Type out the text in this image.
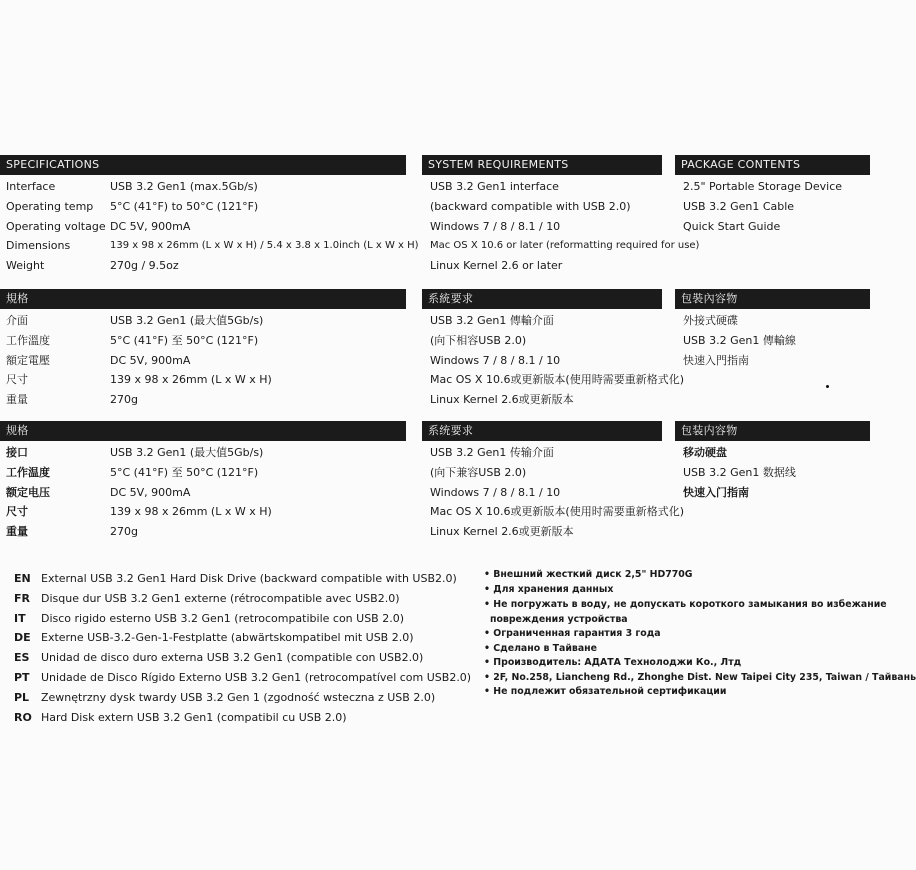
SPECIFICATIONS
Interface	USB 3.2 Gen1 (max.5Gb/s)
Operating temp 5°C (41°F) to 50°C (121°F)
Operating voltage DC 5V, 900mA
Dimensions	139 x 98 x 26mm (L x W x H) / 5.4 x 3.8 x 1.0inch (L x W x H)
Weight	270g / 9.5oz
SYSTEM REQUIREMENTS
USB 3.2 Gen1 interface
(backward compatible with USB 2.0)
Windows 7 / 8 / 8.1 / 10
Mac OS X 10.6 or later (reformatting required for use)
Linux Kernel 2.6 or later
PACKAGE CONTENTS
2.5" Portable Storage Device
USB 3.2 Gen1 Cable
Quick Start Guide
規格
介面	USB 3.2 Gen1 (最大值5Gb/s)
工作溫度	5°C (41°F) 至 50°C (121°F)
額定電壓	DC 5V, 900mA
尺寸	139 x 98 x 26mm (L x W x H)
重量	270g
系統要求
USB 3.2 Gen1 傳輸介面
(向下相容USB 2.0)
Windows 7 / 8 / 8.1 / 10
Mac OS X 10.6或更新版本(使用時需要重新格式化)
Linux Kernel 2.6或更新版本
包裝內容物
外接式硬碟
USB 3.2 Gen1 傳輸線
快速入門指南
规格
接口	USB 3.2 Gen1 (最大值5Gb/s)
工作温度	5°C (41°F) 至 50°C (121°F)
额定电压	DC 5V, 900mA
尺寸	139 x 98 x 26mm (L x W x H)
重量	270g
系统要求
USB 3.2 Gen1 传输介面
(向下兼容USB 2.0)
Windows 7 / 8 / 8.1 / 10
Mac OS X 10.6或更新版本(使用时需要重新格式化)
Linux Kernel 2.6或更新版本
包装内容物
移动硬盘
USB 3.2 Gen1 数据线
快速入门指南
EN External USB 3.2 Gen1 Hard Disk Drive (backward compatible with USB2.0)
FR	Disque dur USB 3.2 Gen1 externe (rétrocompatible avec USB2.0)
IT	Disco rigido esterno USB 3.2 Gen1 (retrocompatibile con USB 2.0)
DE Externe USB-3.2-Gen-1-Festplatte (abwärtskompatibel mit USB 2.0)
ES	Unidad de disco duro externa USB 3.2 Gen1 (compatible con USB2.0)
PT	Unidade de Disco Rígido Externo USB 3.2 Gen1 (retrocompatível com USB2.0)
PL	Zewnętrzny dysk twardy USB 3.2 Gen 1 (zgodność wsteczna z USB 2.0)
RO Hard Disk extern USB 3.2 Gen1 (compatibil cu USB 2.0)
• Внешний жесткий диск 2,5" HD770G
• Для хранения данных
• Не погружать в воду, не допускать короткого замыкания во избежание
повреждения устройства
• Ограниченная гарантия 3 года
• Сделано в Тайване
• Производитель: АДАТА Технолоджи Ко., Лтд
• 2F, No.258, Liancheng Rd., Zhonghe Dist. New Taipei City 235, Taiwan / Тайвань
• Не подлежит обязательной сертификации
